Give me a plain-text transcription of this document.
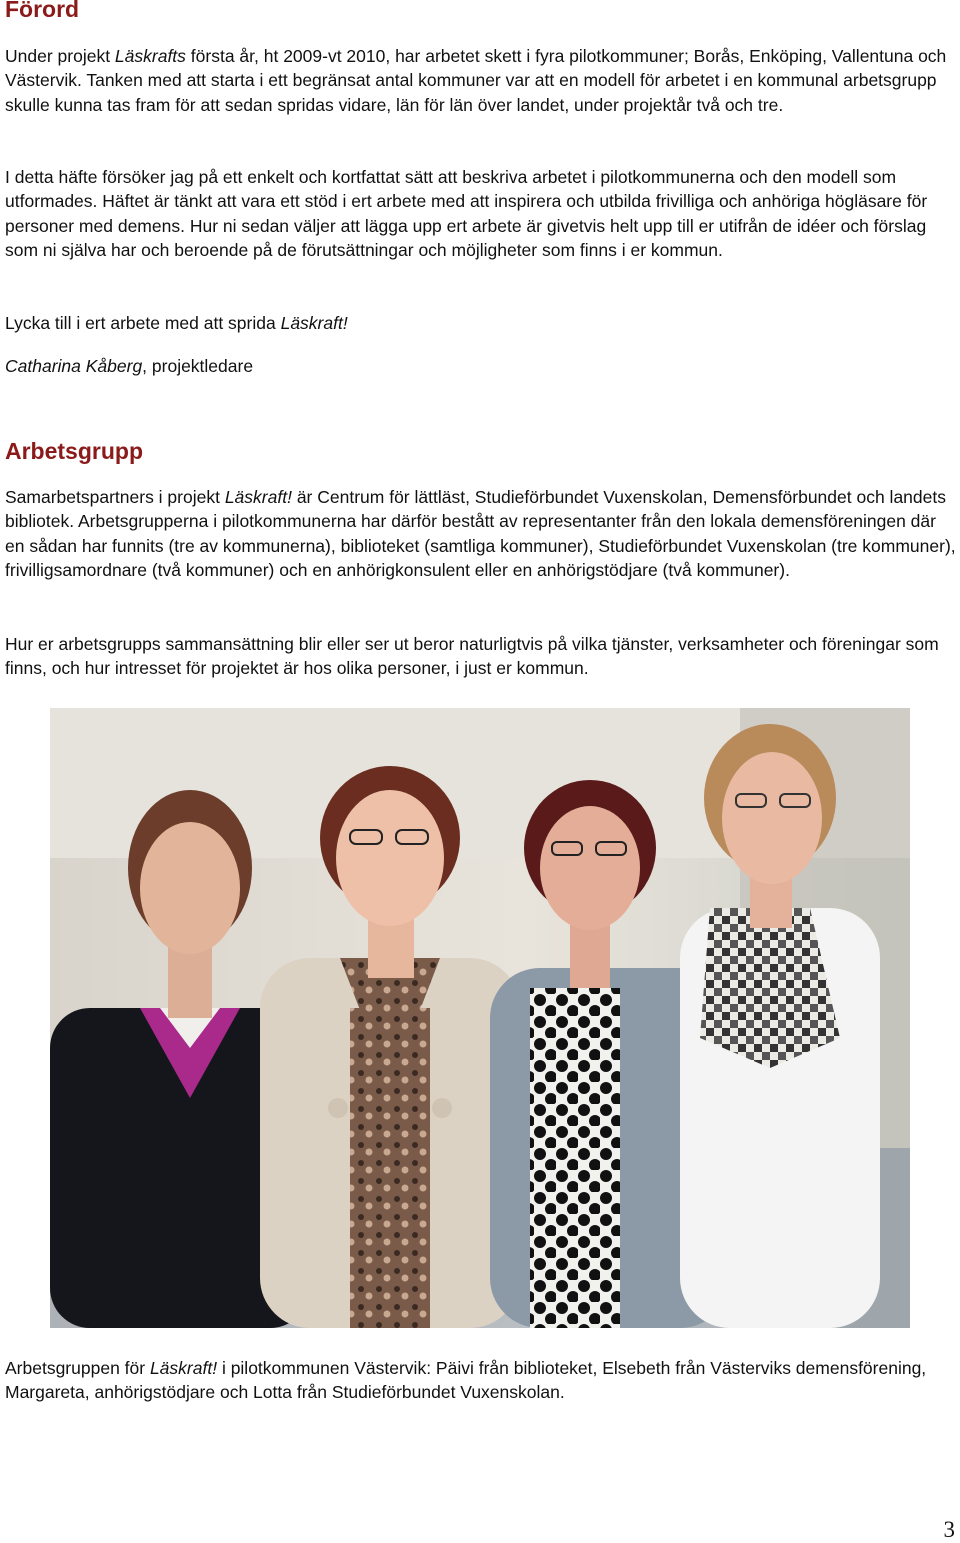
Förord

Under projekt Läskrafts första år, ht 2009-vt 2010, har arbetet skett i fyra pilotkommuner; Borås, Enköping, Vallentuna och Västervik. Tanken med att starta i ett begränsat antal kommuner var att en modell för arbetet i en kommunal arbetsgrupp skulle kunna tas fram för att sedan spridas vidare, län för län över landet, under projektår två och tre.

I detta häfte försöker jag på ett enkelt och kortfattat sätt att beskriva arbetet i pilotkommunerna och den modell som utformades. Häftet är tänkt att vara ett stöd i ert arbete med att inspirera och utbilda frivilliga och anhöriga högläsare för personer med demens. Hur ni sedan väljer att lägga upp ert arbete är givetvis helt upp till er utifrån de idéer och förslag som ni själva har och beroende på de förutsättningar och möjligheter som finns i er kommun.

Lycka till i ert arbete med att sprida Läskraft!

Catharina Kåberg, projektledare

Arbetsgrupp

Samarbetspartners i projekt Läskraft! är Centrum för lättläst, Studieförbundet Vuxenskolan, Demensförbundet och landets bibliotek. Arbetsgrupperna i pilotkommunerna har därför bestått av representanter från den lokala demensföreningen där en sådan har funnits (tre av kommunerna), biblioteket (samtliga kommuner), Studieförbundet Vuxenskolan (tre kommuner), frivilligsamordnare (två kommuner) och en anhörigkonsulent eller en anhörigstödjare (två kommuner).

Hur er arbetsgrupps sammansättning blir eller ser ut beror naturligtvis på vilka tjänster, verksamheter och föreningar som finns, och hur intresset för projektet är hos olika personer, i just er kommun.

Arbetsgruppen för Läskraft! i pilotkommunen Västervik: Päivi från biblioteket, Elsebeth från Västerviks demensförening, Margareta, anhörigstödjare och Lotta från Studieförbundet Vuxenskolan.

3
